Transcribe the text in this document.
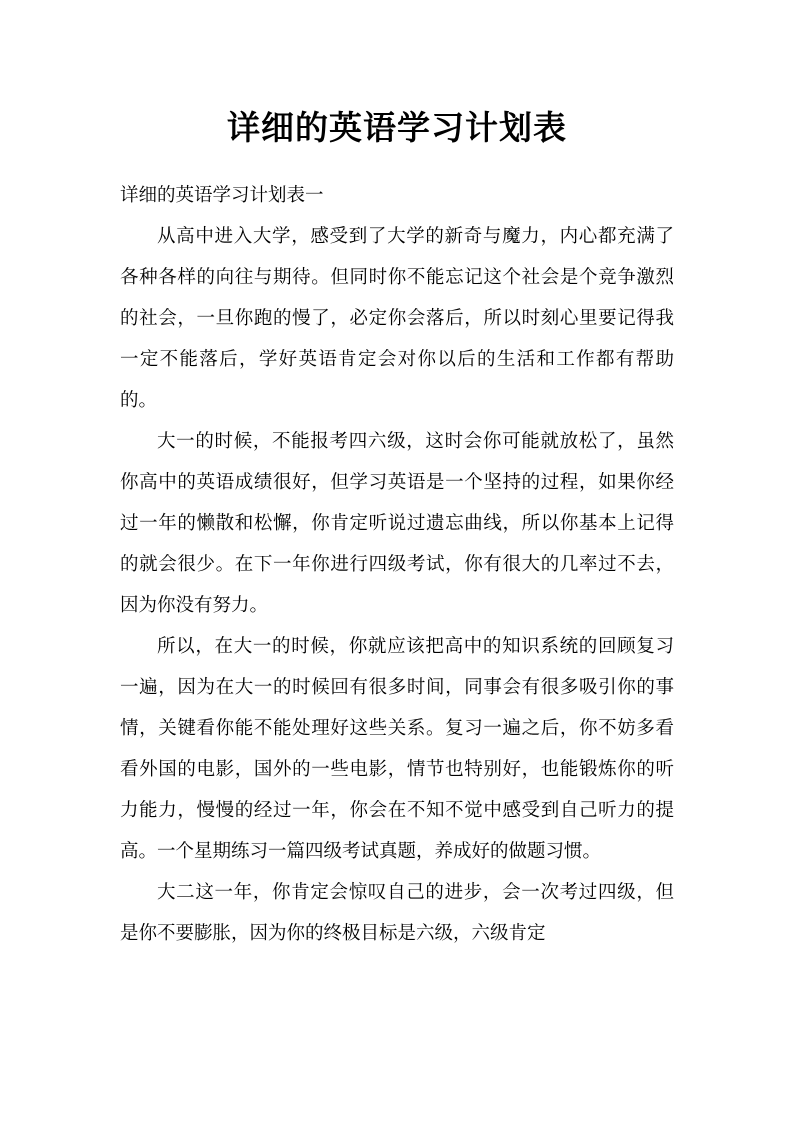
详细的英语学习计划表

详细的英语学习计划表一

从高中进入大学，感受到了大学的新奇与魔力，内心都充满了各种各样的向往与期待。但同时你不能忘记这个社会是个竞争激烈的社会，一旦你跑的慢了，必定你会落后，所以时刻心里要记得我一定不能落后，学好英语肯定会对你以后的生活和工作都有帮助的。

大一的时候，不能报考四六级，这时会你可能就放松了，虽然你高中的英语成绩很好，但学习英语是一个坚持的过程，如果你经过一年的懒散和松懈，你肯定听说过遗忘曲线，所以你基本上记得的就会很少。在下一年你进行四级考试，你有很大的几率过不去，因为你没有努力。

所以，在大一的时候，你就应该把高中的知识系统的回顾复习一遍，因为在大一的时候回有很多时间，同事会有很多吸引你的事情，关键看你能不能处理好这些关系。复习一遍之后，你不妨多看看外国的电影，国外的一些电影，情节也特别好，也能锻炼你的听力能力，慢慢的经过一年，你会在不知不觉中感受到自己听力的提高。一个星期练习一篇四级考试真题，养成好的做题习惯。

大二这一年，你肯定会惊叹自己的进步，会一次考过四级，但是你不要膨胀，因为你的终极目标是六级，六级肯定
